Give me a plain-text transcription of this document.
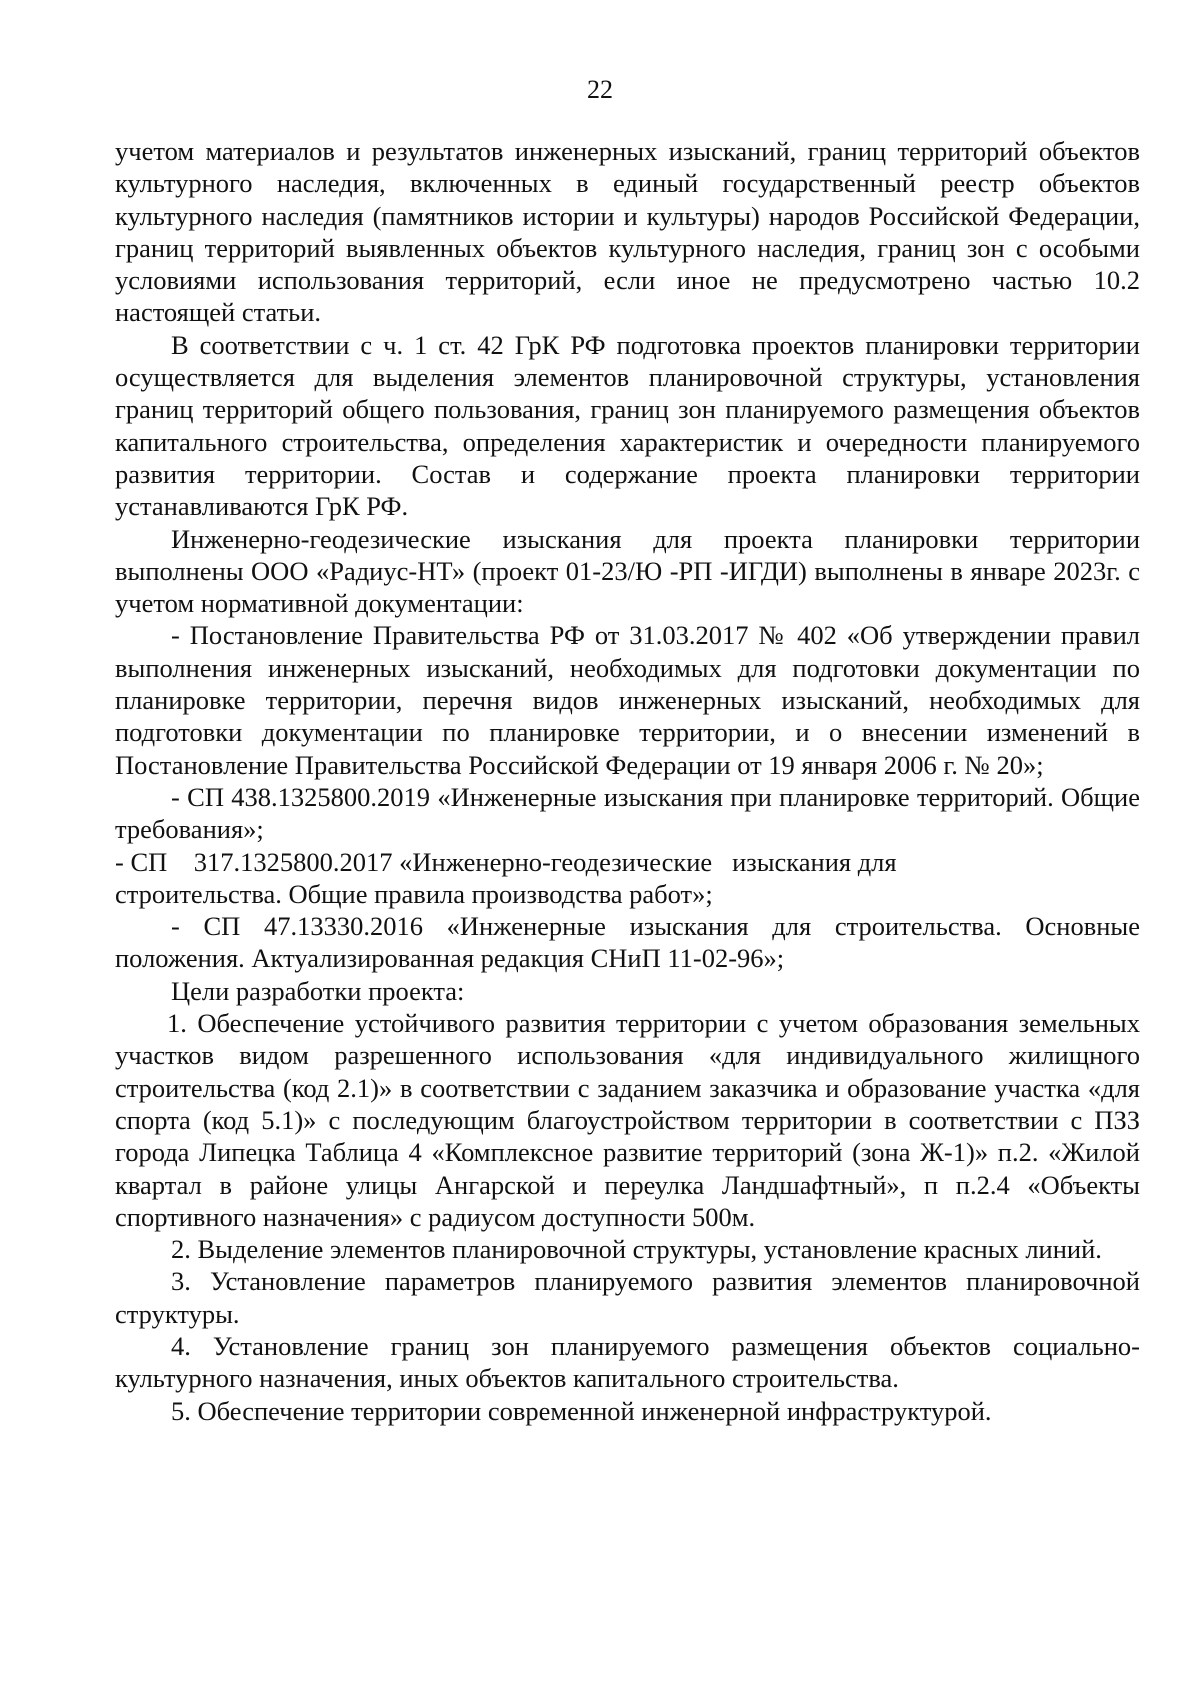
22

учетом материалов и результатов инженерных изысканий, границ территорий объектов культурного наследия, включенных в единый государственный реестр объектов культурного наследия (памятников истории и культуры) народов Российской Федерации, границ территорий выявленных объектов культурного наследия, границ зон с особыми условиями использования территорий, если иное не предусмотрено частью 10.2 настоящей статьи.

В соответствии с ч. 1 ст. 42 ГрК РФ подготовка проектов планировки территории осуществляется для выделения элементов планировочной структуры, установления границ территорий общего пользования, границ зон планируемого размещения объектов капитального строительства, определения характеристик и очередности планируемого развития территории. Состав и содержание проекта планировки территории устанавливаются ГрК РФ.

Инженерно-геодезические изыскания для проекта планировки территории выполнены ООО «Радиус-НТ» (проект 01-23/Ю -РП -ИГДИ) выполнены в январе 2023г. с учетом нормативной документации:

- Постановление Правительства РФ от 31.03.2017 № 402 «Об утверждении правил выполнения инженерных изысканий, необходимых для подготовки документации по планировке территории, перечня видов инженерных изысканий, необходимых для подготовки документации по планировке территории, и о внесении изменений в Постановление Правительства Российской Федерации от 19 января 2006 г. № 20»;

- СП 438.1325800.2019 «Инженерные изыскания при планировке территорий. Общие требования»;

- СП    317.1325800.2017 «Инженерно-геодезические   изыскания для
строительства. Общие правила производства работ»;

- СП 47.13330.2016 «Инженерные изыскания для строительства. Основные положения. Актуализированная редакция СНиП 11-02-96»;

Цели разработки проекта:

1. Обеспечение устойчивого развития территории с учетом образования земельных участков видом разрешенного использования «для индивидуального жилищного строительства (код 2.1)» в соответствии с заданием заказчика и образование участка «для спорта (код 5.1)» с последующим благоустройством территории в соответствии с ПЗЗ города Липецка Таблица 4 «Комплексное развитие территорий (зона Ж-1)» п.2. «Жилой квартал в районе улицы Ангарской и переулка Ландшафтный», п п.2.4 «Объекты спортивного назначения» с радиусом доступности 500м.

2. Выделение элементов планировочной структуры, установление красных линий.

3. Установление параметров планируемого развития элементов планировочной структуры.

4. Установление границ зон планируемого размещения объектов социально-культурного назначения, иных объектов капитального строительства.

5. Обеспечение территории современной инженерной инфраструктурой.
